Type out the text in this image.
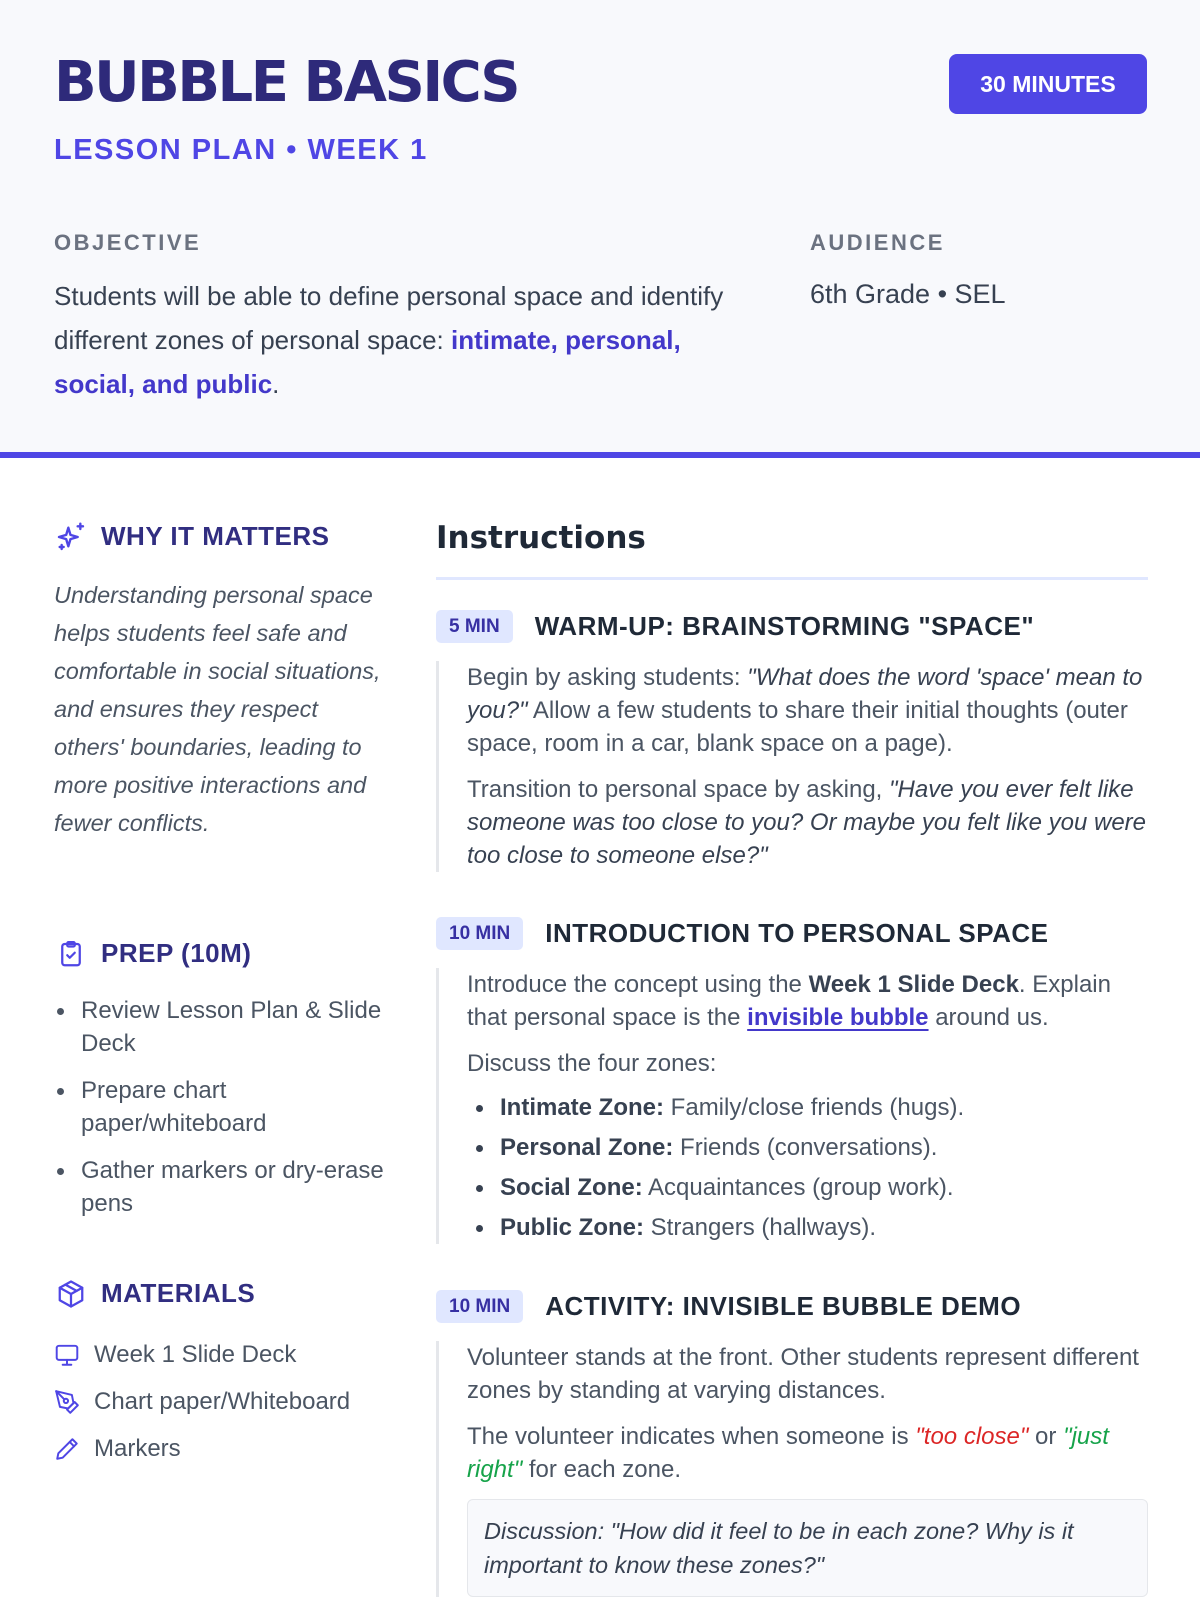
BUBBLE BASICS
LESSON PLAN • WEEK 1
30 MINUTES
OBJECTIVE

Students will be able to define personal space and identify different zones of personal space: intimate, personal, social, and public.

AUDIENCE
6th Grade • SEL
WHY IT MATTERS

Understanding personal space helps students feel safe and comfortable in social situations, and ensures they respect others' boundaries, leading to more positive interactions and fewer conflicts.

PREP (10M)
Review Lesson Plan & Slide Deck
Prepare chart paper/whiteboard
Gather markers or dry-erase pens
MATERIALS
Week 1 Slide Deck
Chart paper/Whiteboard
Markers
Instructions
5 MIN	WARM-UP: BRAINSTORMING "SPACE"

Begin by asking students: "What does the word 'space' mean to you?" Allow a few students to share their initial thoughts (outer space, room in a car, blank space on a page).

Transition to personal space by asking, "Have you ever felt like someone was too close to you? Or maybe you felt like you were too close to someone else?"

10 MIN	INTRODUCTION TO PERSONAL SPACE

Introduce the concept using the Week 1 Slide Deck. Explain that personal space is the invisible bubble around us.

Discuss the four zones:

Intimate Zone: Family/close friends (hugs).
Personal Zone: Friends (conversations).
Social Zone: Acquaintances (group work).
Public Zone: Strangers (hallways).
10 MIN	ACTIVITY: INVISIBLE BUBBLE DEMO

Volunteer stands at the front. Other students represent different zones by standing at varying distances.

The volunteer indicates when someone is "too close" or "just right" for each zone.

Discussion: "How did it feel to be in each zone? Why is it important to know these zones?"
